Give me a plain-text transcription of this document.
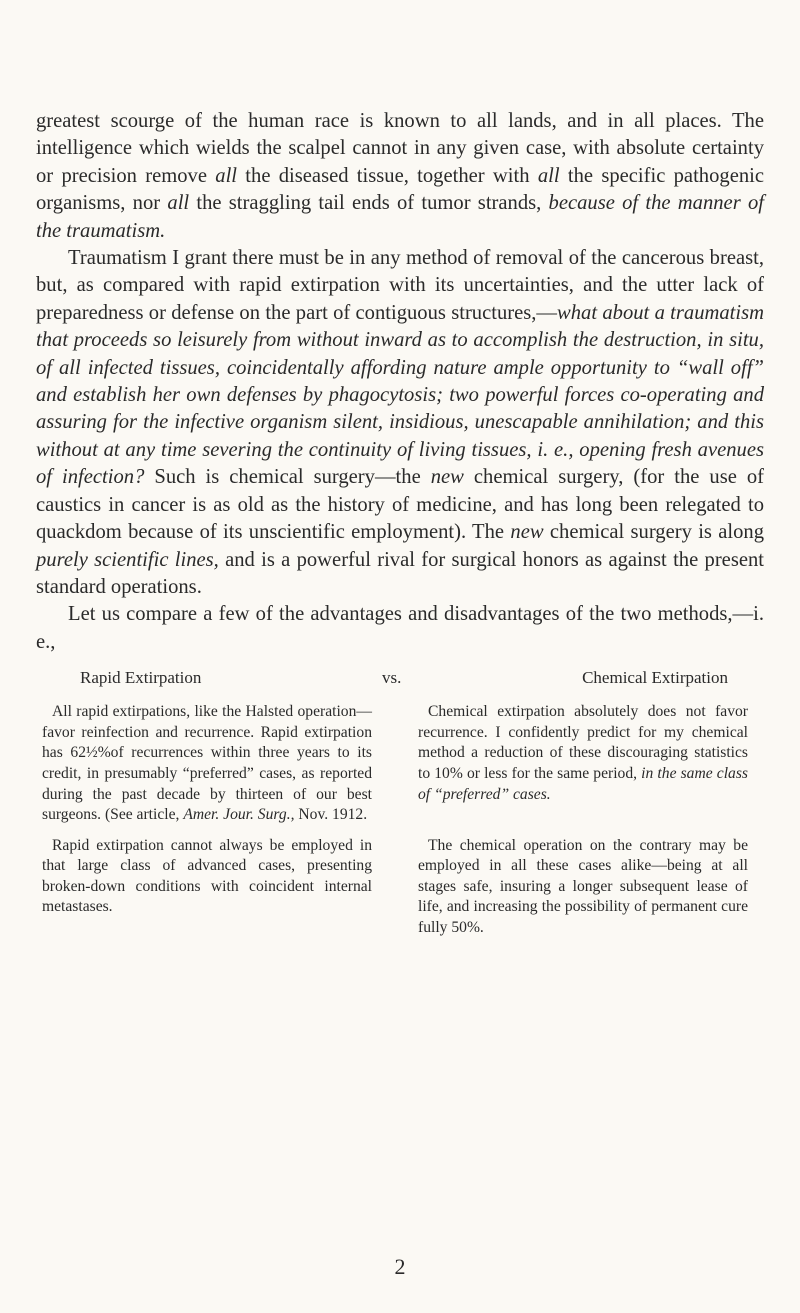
greatest scourge of the human race is known to all lands, and in all places. The intelligence which wields the scalpel cannot in any given case, with absolute certainty or precision remove all the diseased tissue, together with all the specific pathogenic organisms, nor all the straggling tail ends of tumor strands, because of the manner of the traumatism.

Traumatism I grant there must be in any method of removal of the cancerous breast, but, as compared with rapid extirpation with its uncertainties, and the utter lack of preparedness or defense on the part of contiguous structures,—what about a traumatism that proceeds so leisurely from without inward as to accomplish the destruction, in situ, of all infected tissues, coincidentally affording nature ample opportunity to “wall off” and establish her own defenses by phagocytosis; two powerful forces co-operating and assuring for the infective organism silent, insidious, unescapable annihilation; and this without at any time severing the continuity of living tissues, i. e., opening fresh avenues of infection? Such is chemical surgery—the new chemical surgery, (for the use of caustics in cancer is as old as the history of medicine, and has long been relegated to quackdom because of its unscientific employment). The new chemical surgery is along purely scientific lines, and is a powerful rival for surgical honors as against the present standard operations.

Let us compare a few of the advantages and disadvantages of the two methods,—i. e.,

Rapid Extirpation	vs.	Chemical Extirpation

All rapid extirpations, like the Halsted operation—favor reinfection and recurrence. Rapid extirpation has 62½%of recurrences within three years to its credit, in presumably “preferred” cases, as reported during the past decade by thirteen of our best surgeons. (See article, Amer. Jour. Surg., Nov. 1912.

Chemical extirpation absolutely does not favor recurrence. I confidently predict for my chemical method a reduction of these discouraging statistics to 10% or less for the same period, in the same class of “preferred” cases.

Rapid extirpation cannot always be employed in that large class of advanced cases, presenting broken-down conditions with coincident internal metastases.

The chemical operation on the contrary may be employed in all these cases alike—being at all stages safe, insuring a longer subsequent lease of life, and increasing the possibility of permanent cure fully 50%.

2
